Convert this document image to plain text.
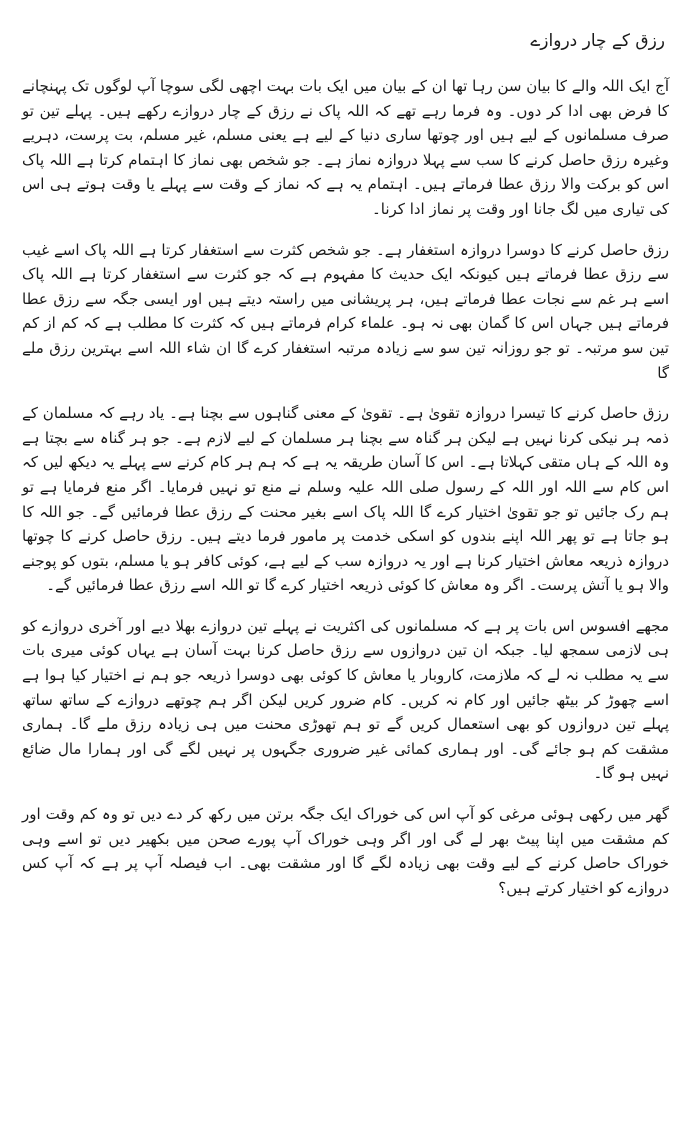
رزق کے چار دروازے

آج ایک اللہ والے کا بیان سن رہا تھا ان کے بیان میں ایک بات بہت اچھی لگی سوچا آپ لوگوں تک پہنچانے کا فرض بھی ادا کر دوں۔ وہ فرما رہے تھے کہ اللہ پاک نے رزق کے چار دروازے رکھے ہیں۔ پہلے تین تو صرف مسلمانوں کے لیے ہیں اور چوتھا ساری دنیا کے لیے ہے یعنی مسلم، غیر مسلم، بت پرست، دہریے وغیرہ رزق حاصل کرنے کا سب سے پہلا دروازہ نماز ہے۔ جو شخص بھی نماز کا اہتمام کرتا ہے اللہ پاک اس کو برکت والا رزق عطا فرماتے ہیں۔ اہتمام یہ ہے کہ نماز کے وقت سے پہلے یا وقت ہوتے ہی اس کی تیاری میں لگ جانا اور وقت پر نماز ادا کرنا۔

رزق حاصل کرنے کا دوسرا دروازہ استغفار ہے۔ جو شخص کثرت سے استغفار کرتا ہے اللہ پاک اسے غیب سے رزق عطا فرماتے ہیں کیونکہ ایک حدیث کا مفہوم ہے کہ جو کثرت سے استغفار کرتا ہے اللہ پاک اسے ہر غم سے نجات عطا فرماتے ہیں، ہر پریشانی میں راستہ دیتے ہیں اور ایسی جگہ سے رزق عطا فرماتے ہیں جہاں اس کا گمان بھی نہ ہو۔ علماء کرام فرماتے ہیں کہ کثرت کا مطلب ہے کہ کم از کم تین سو مرتبہ۔ تو جو روزانہ تین سو سے زیادہ مرتبہ استغفار کرے گا ان شاء اللہ اسے بہترین رزق ملے گا

رزق حاصل کرنے کا تیسرا دروازہ تقویٰ ہے۔ تقویٰ کے معنی گناہوں سے بچنا ہے۔ یاد رہے کہ مسلمان کے ذمہ ہر نیکی کرنا نہیں ہے لیکن ہر گناہ سے بچنا ہر مسلمان کے لیے لازم ہے۔ جو ہر گناہ سے بچتا ہے وہ اللہ کے ہاں متقی کہلاتا ہے۔ اس کا آسان طریقہ یہ ہے کہ ہم ہر کام کرنے سے پہلے یہ دیکھ لیں کہ اس کام سے اللہ اور اللہ کے رسول صلی اللہ علیہ وسلم نے منع تو نہیں فرمایا۔ اگر منع فرمایا ہے تو ہم رک جائیں تو جو تقویٰ اختیار کرے گا اللہ پاک اسے بغیر محنت کے رزق عطا فرمائیں گے۔ جو اللہ کا ہو جاتا ہے تو پھر اللہ اپنے بندوں کو اسکی خدمت پر مامور فرما دیتے ہیں۔ رزق حاصل کرنے کا چوتھا دروازہ ذریعہ معاش اختیار کرنا ہے اور یہ دروازہ سب کے لیے ہے، کوئی کافر ہو یا مسلم، بتوں کو پوجنے والا ہو یا آتش پرست۔ اگر وہ معاش کا کوئی ذریعہ اختیار کرے گا تو اللہ اسے رزق عطا فرمائیں گے۔

مجھے افسوس اس بات پر ہے کہ مسلمانوں کی اکثریت نے پہلے تین دروازے بھلا دیے اور آخری دروازے کو ہی لازمی سمجھ لیا۔ جبکہ ان تین دروازوں سے رزق حاصل کرنا بہت آسان ہے یہاں کوئی میری بات سے یہ مطلب نہ لے کہ ملازمت، کاروبار یا معاش کا کوئی بھی دوسرا ذریعہ جو ہم نے اختیار کیا ہوا ہے اسے چھوڑ کر بیٹھ جائیں اور کام نہ کریں۔ کام ضرور کریں لیکن اگر ہم چوتھے دروازے کے ساتھ ساتھ پہلے تین دروازوں کو بھی استعمال کریں گے تو ہم تھوڑی محنت میں ہی زیادہ رزق ملے گا۔ ہماری مشقت کم ہو جائے گی۔ اور ہماری کمائی غیر ضروری جگہوں پر نہیں لگے گی اور ہمارا مال ضائع نہیں ہو گا۔

گھر میں رکھی ہوئی مرغی کو آپ اس کی خوراک ایک جگہ برتن میں رکھ کر دے دیں تو وہ کم وقت اور کم مشقت میں اپنا پیٹ بھر لے گی اور اگر وہی خوراک آپ پورے صحن میں بکھیر دیں تو اسے وہی خوراک حاصل کرنے کے لیے وقت بھی زیادہ لگے گا اور مشقت بھی۔ اب فیصلہ آپ پر ہے کہ آپ کس دروازے کو اختیار کرتے ہیں؟
